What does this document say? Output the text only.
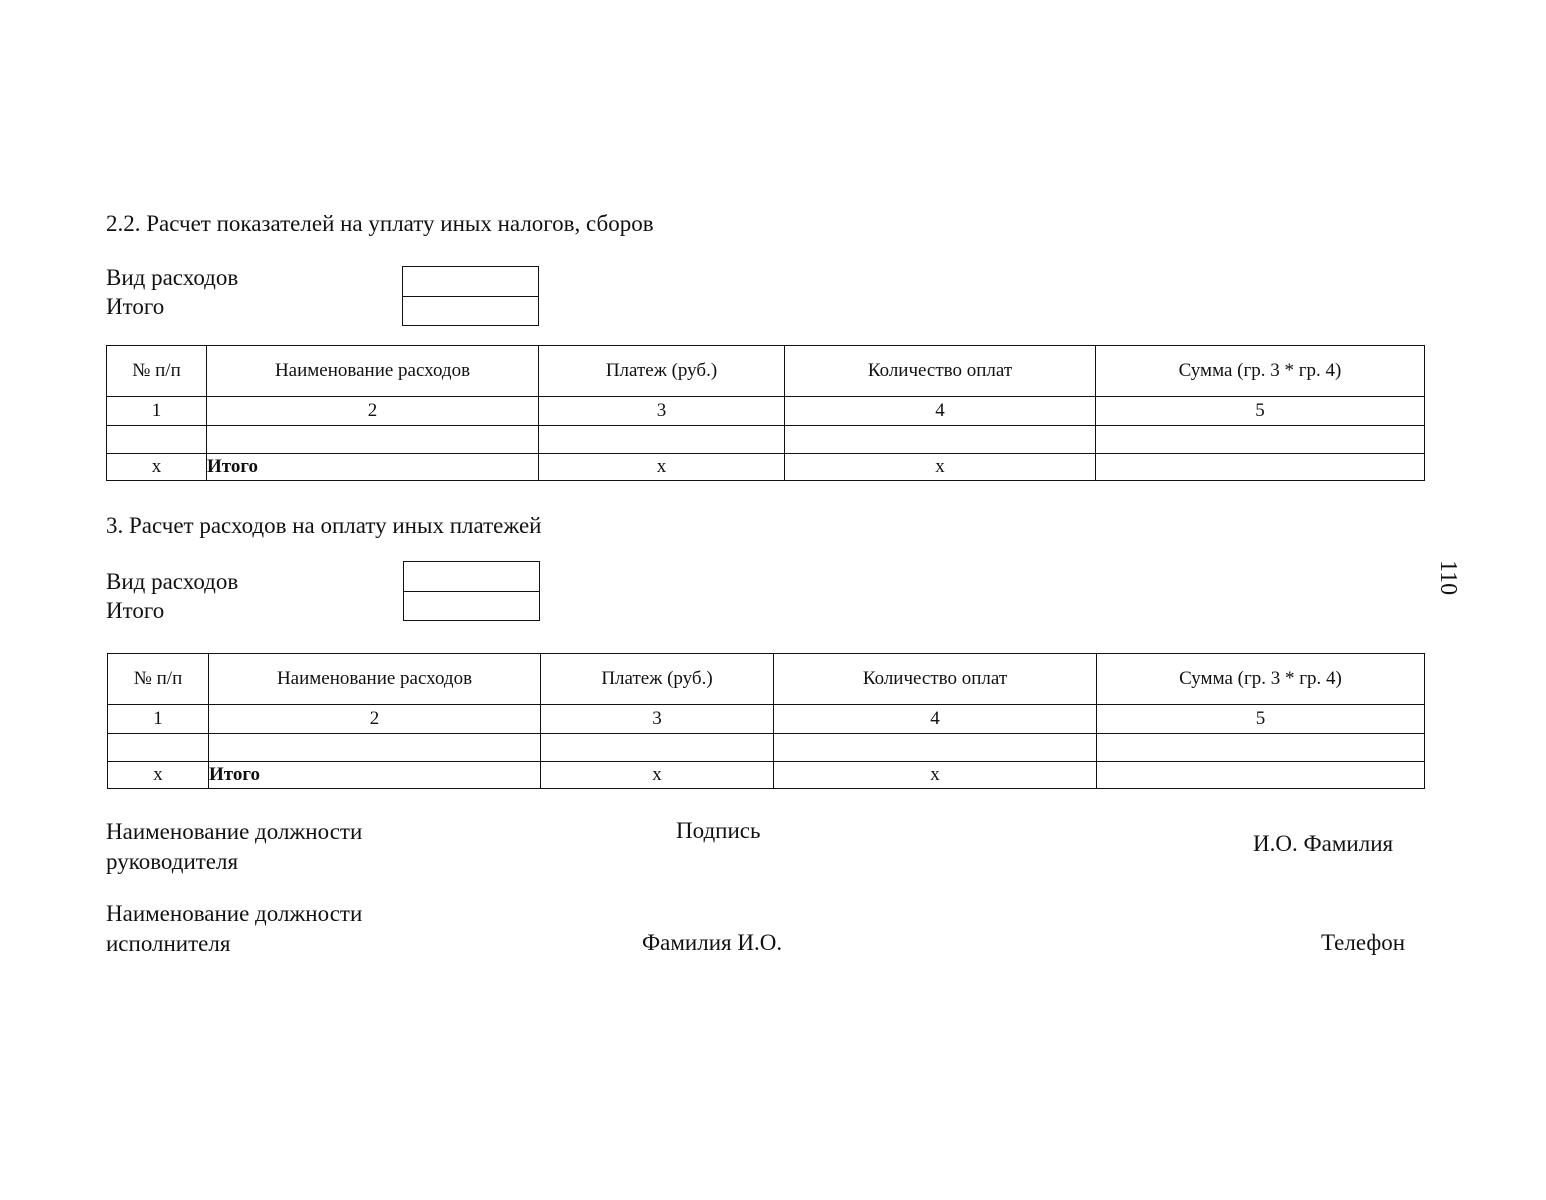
2.2. Расчет показателей на уплату иных налогов, сборов
Вид расходов
Итого
№ п/п	Наименование расходов	Платеж (руб.)	Количество оплат	Сумма (гр. 3 * гр. 4)
1	2	3	4	5

x	Итого	x	x	
3. Расчет расходов на оплату иных платежей
Вид расходов
Итого
№ п/п	Наименование расходов	Платеж (руб.)	Количество оплат	Сумма (гр. 3 * гр. 4)
1	2	3	4	5

x	Итого	x	x	
Наименование должности
руководителя
Подпись
И.О. Фамилия
Наименование должности
исполнителя	Фамилия И.О.	Телефон
110
